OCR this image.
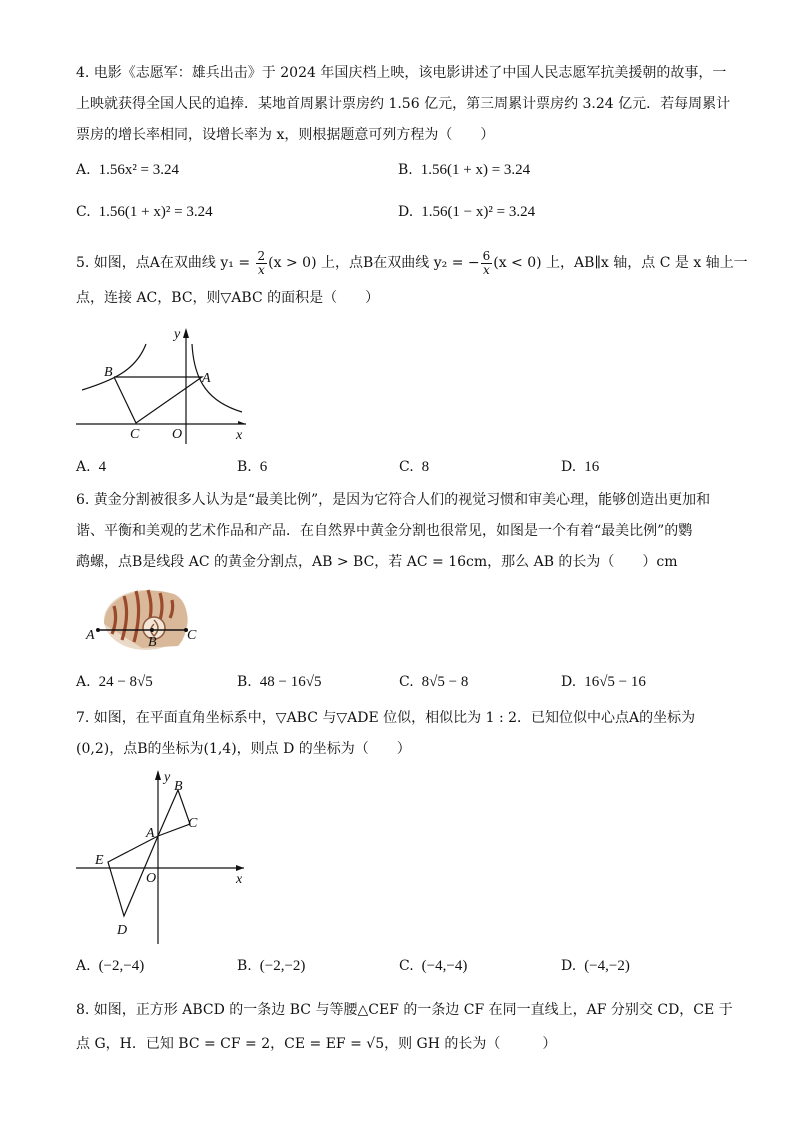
4. 电影《志愿军：雄兵出击》于 2024 年国庆档上映，该电影讲述了中国人民志愿军抗美援朝的故事，一
上映就获得全国人民的追捧．某地首周累计票房约 1.56 亿元，第三周累计票房约 3.24 亿元．若每周累计
票房的增长率相同，设增长率为 x，则根据题意可列方程为（　　）
A. 1.56x² = 3.24	B. 1.56(1 + x) = 3.24
C. 1.56(1 + x)² = 3.24	D. 1.56(1 − x)² = 3.24
5. 如图，点A在双曲线 $y_1 = \frac{2}{x} (x > 0)$ 上，点B在双曲线 y₂ = − $\frac{6}{x} (x < 0)$ 上，AB∥x 轴，点 C 是 x 轴上一
点，连接 AC，BC，则▽ABC 的面积是（　　）
y
x
B	A
C O
A. 4	B. 6	C. 8	D. 16
6. 黄金分割被很多人认为是“最美比例”，是因为它符合人们的视觉习惯和审美心理，能够创造出更加和
谐、平衡和美观的艺术作品和产品．在自然界中黄金分割也很常见，如图是一个有着“最美比例”的鹦
鹉螺，点B是线段 AC 的黄金分割点，AB > BC，若 AC = 16cm，那么 AB 的长为（　　）cm
A	B C
A. 24 − 8√5	B. 48 − 16√5	C. 8√5 − 8	D. 16√5 − 16
7. 如图，在平面直角坐标系中，▽ABC 与▽ADE 位似，相似比为 1 : 2．已知位似中心点A的坐标为
(0,2)，点B的坐标为(1,4)，则点 D 的坐标为（　　）
y
x
B
A
C
E
O
D
A. (−2,−4)	B. (−2,−2)	C. (−4,−4)	D. (−4,−2)
8. 如图，正方形 ABCD 的一条边 BC 与等腰△CEF 的一条边 CF 在同一直线上，AF 分别交 CD，CE 于
点 G，H．已知 BC = CF = 2，CE = EF = √5，则 GH 的长为（　　　）
